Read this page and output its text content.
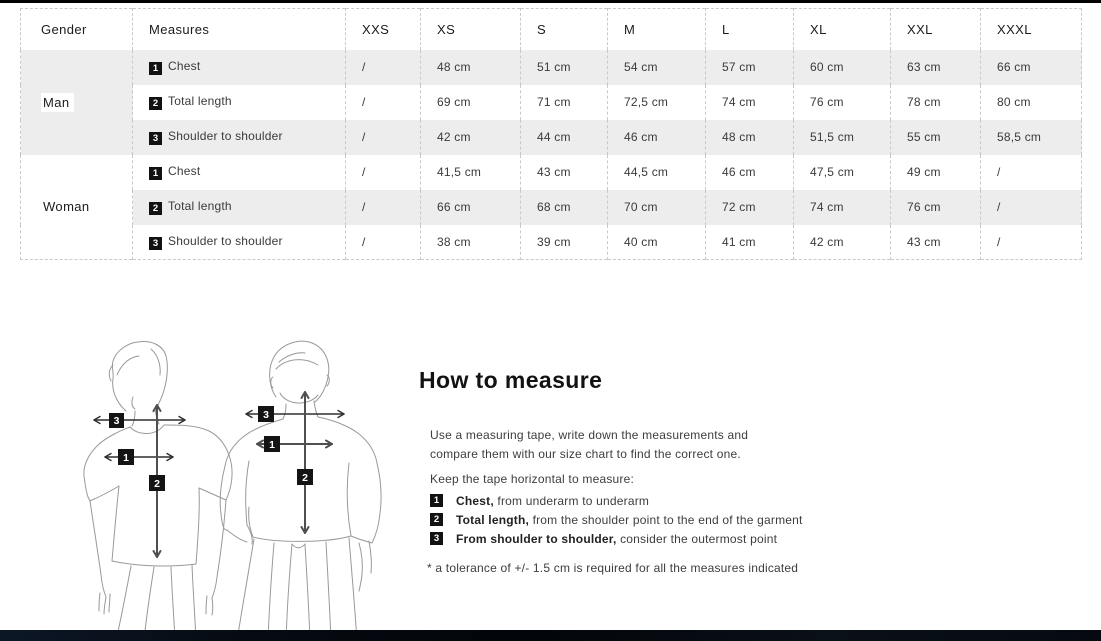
Gender	Measures	XXS	XS	S	M	L	XL	XXL	XXXL
Man	1 Chest	/	48 cm	51 cm	54 cm	57 cm	60 cm	63 cm	66 cm
	2 Total length	/	69 cm	71 cm	72,5 cm	74 cm	76 cm	78 cm	80 cm
	3 Shoulder to shoulder	/	42 cm	44 cm	46 cm	48 cm	51,5 cm	55 cm	58,5 cm
Woman	1 Chest	/	41,5 cm	43 cm	44,5 cm	46 cm	47,5 cm	49 cm	/
	2 Total length	/	66 cm	68 cm	70 cm	72 cm	74 cm	76 cm	/
	3 Shoulder to shoulder	/	38 cm	39 cm	40 cm	41 cm	42 cm	43 cm	/
3
1
2
3
1
2
How to measure

Use a measuring tape, write down the measurements and
compare them with our size chart to find the correct one.

Keep the tape horizontal to measure:

1	Chest, from underarm to underarm
2	Total length, from the shoulder point to the end of the garment
3	From shoulder to shoulder, consider the outermost point

* a tolerance of +/- 1.5 cm is required for all the measures indicated
